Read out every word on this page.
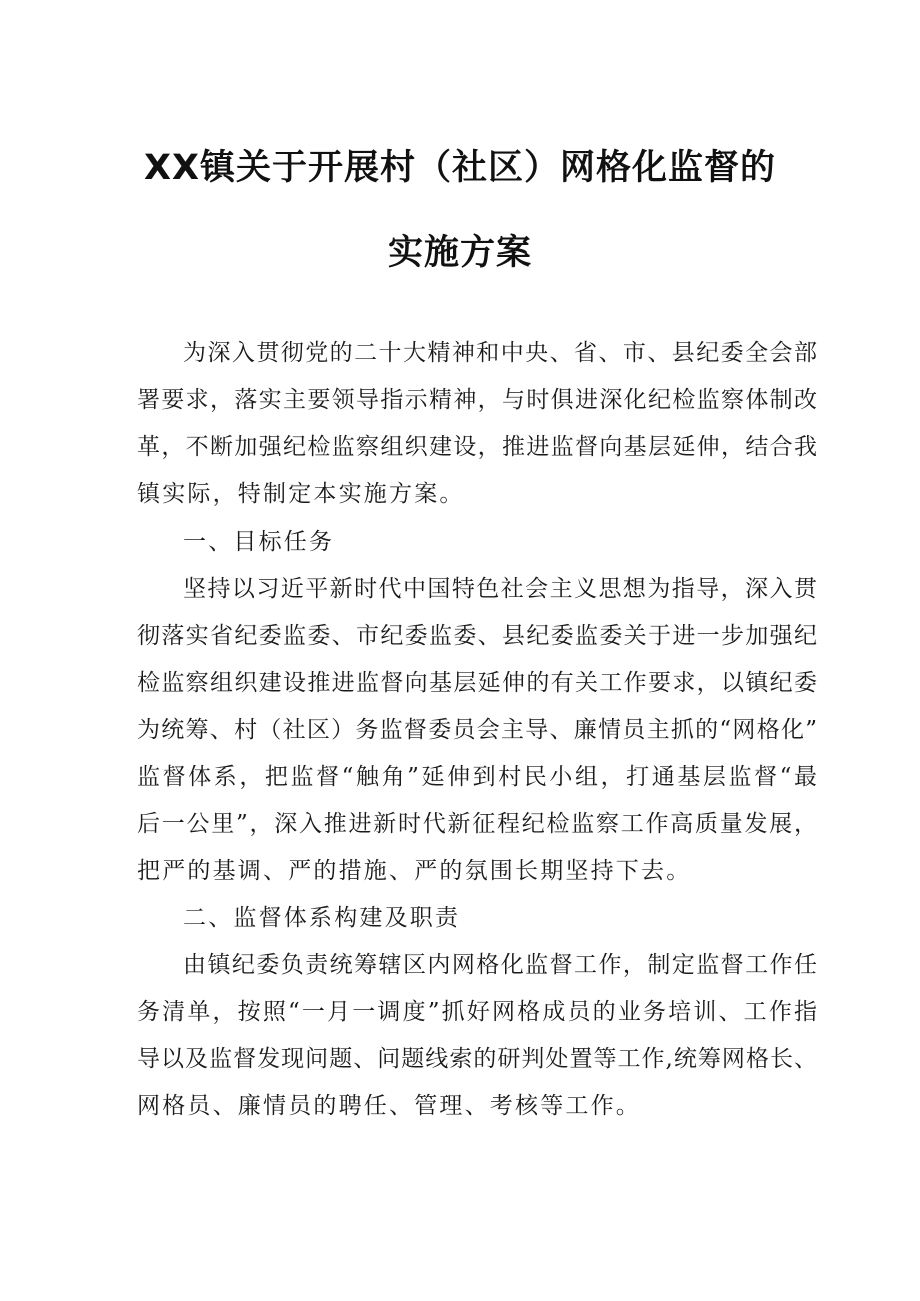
XX镇关于开展村（社区）网格化监督的
实施方案
为深入贯彻党的二十大精神和中央、省、市、县纪委全会部
署要求，落实主要领导指示精神，与时俱进深化纪检监察体制改
革，不断加强纪检监察组织建设，推进监督向基层延伸，结合我
镇实际，特制定本实施方案。
一、目标任务
坚持以习近平新时代中国特色社会主义思想为指导，深入贯
彻落实省纪委监委、市纪委监委、县纪委监委关于进一步加强纪
检监察组织建设推进监督向基层延伸的有关工作要求，以镇纪委
为统筹、村（社区）务监督委员会主导、廉情员主抓的“网格化”
监督体系，把监督“触角”延伸到村民小组，打通基层监督“最
后一公里”，深入推进新时代新征程纪检监察工作高质量发展，
把严的基调、严的措施、严的氛围长期坚持下去。
二、监督体系构建及职责
由镇纪委负责统筹辖区内网格化监督工作，制定监督工作任
务清单，按照“一月一调度”抓好网格成员的业务培训、工作指
导以及监督发现问题、问题线索的研判处置等工作,统筹网格长、
网格员、廉情员的聘任、管理、考核等工作。
